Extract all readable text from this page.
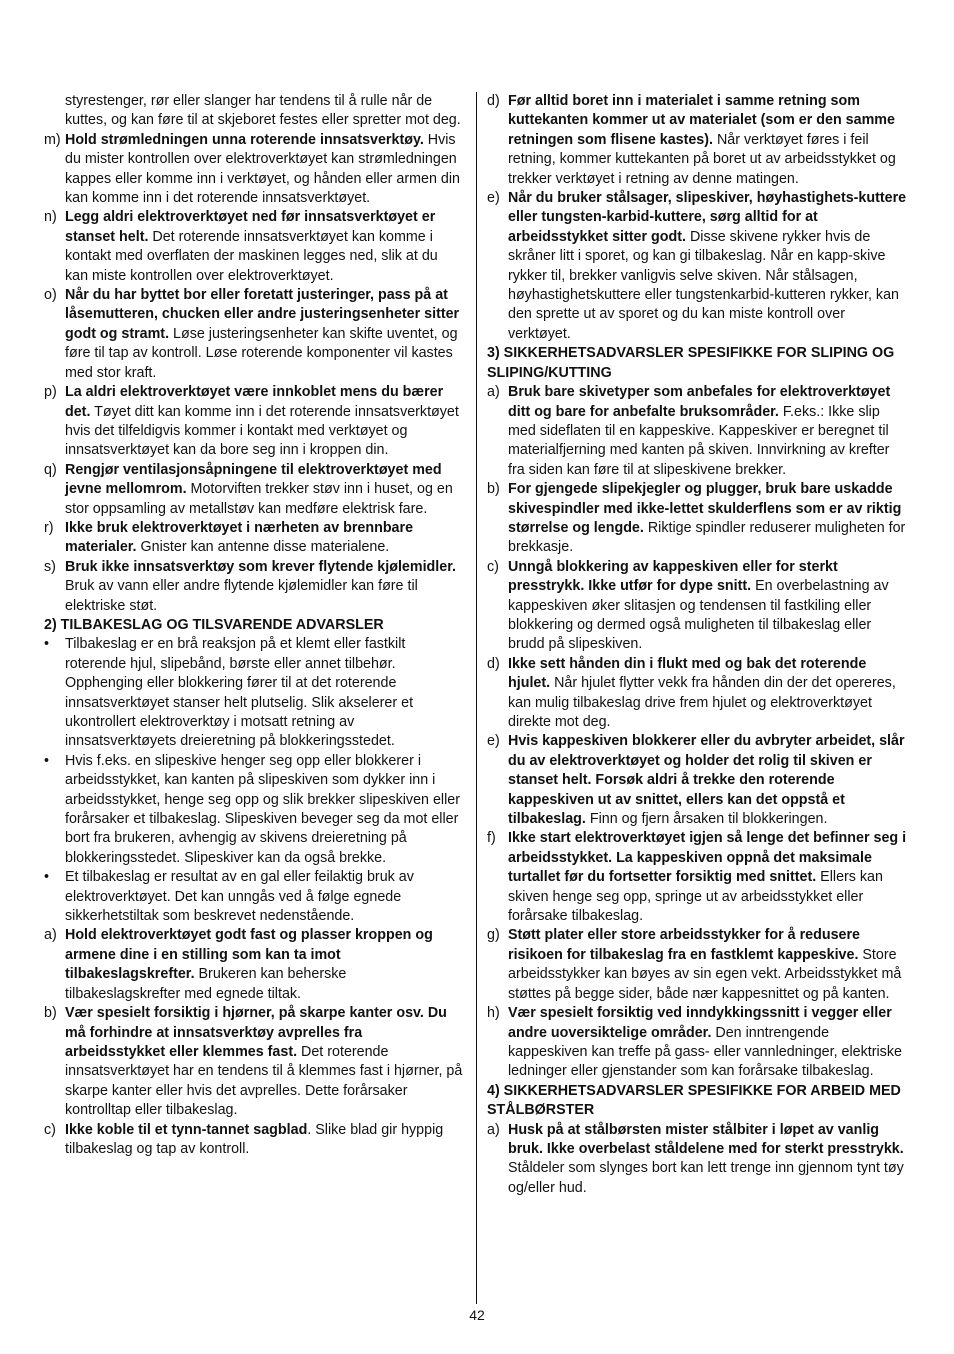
styrestenger, rør eller slanger har tendens til å rulle når de kuttes, og kan føre til at skjeboret festes eller spretter mot deg.
m) Hold strømledningen unna roterende innsatsverktøy. Hvis du mister kontrollen over elektroverktøyet kan strømledningen kappes eller komme inn i verktøyet, og hånden eller armen din kan komme inn i det roterende innsatsverktøyet.
n) Legg aldri elektroverktøyet ned før innsatsverktøyet er stanset helt. Det roterende innsatsverktøyet kan komme i kontakt med overflaten der maskinen legges ned, slik at du kan miste kontrollen over elektroverktøyet.
o) Når du har byttet bor eller foretatt justeringer, pass på at låsemutteren, chucken eller andre justeringsenheter sitter godt og stramt. Løse justeringsenheter kan skifte uventet, og føre til tap av kontroll. Løse roterende komponenter vil kastes med stor kraft.
p) La aldri elektroverktøyet være innkoblet mens du bærer det. Tøyet ditt kan komme inn i det roterende innsatsverktøyet hvis det tilfeldigvis kommer i kontakt med verktøyet og innsatsverktøyet kan da bore seg inn i kroppen din.
q) Rengjør ventilasjonsåpningene til elektroverktøyet med jevne mellomrom. Motorviften trekker støv inn i huset, og en stor oppsamling av metallstøv kan medføre elektrisk fare.
r) Ikke bruk elektroverktøyet i nærheten av brennbare materialer. Gnister kan antenne disse materialene.
s) Bruk ikke innsatsverktøy som krever flytende kjølemidler. Bruk av vann eller andre flytende kjølemidler kan føre til elektriske støt.
2) TILBAKESLAG OG TILSVARENDE ADVARSLER
• Tilbakeslag er en brå reaksjon på et klemt eller fastkilt roterende hjul, slipebånd, børste eller annet tilbehør. Opphenging eller blokkering fører til at det roterende innsatsverktøyet stanser helt plutselig. Slik akselerer et ukontrollert elektroverktøy i motsatt retning av innsatsverktøyets dreieretning på blokkeringsstedet.
• Hvis f.eks. en slipeskive henger seg opp eller blokkerer i arbeidsstykket, kan kanten på slipeskiven som dykker inn i arbeidsstykket, henge seg opp og slik brekker slipeskiven eller forårsaker et tilbakeslag. Slipeskiven beveger seg da mot eller bort fra brukeren, avhengig av skivens dreieretning på blokkeringsstedet. Slipeskiver kan da også brekke.
• Et tilbakeslag er resultat av en gal eller feilaktig bruk av elektroverktøyet. Det kan unngås ved å følge egnede sikkerhetstiltak som beskrevet nedenstående.
a) Hold elektroverktøyet godt fast og plasser kroppen og armene dine i en stilling som kan ta imot tilbakeslagskrefter. Brukeren kan beherske tilbakeslagskrefter med egnede tiltak.
b) Vær spesielt forsiktig i hjørner, på skarpe kanter osv. Du må forhindre at innsatsverktøy avprelles fra arbeidsstykket eller klemmes fast. Det roterende innsatsverktøyet har en tendens til å klemmes fast i hjørner, på skarpe kanter eller hvis det avprelles. Dette forårsaker kontrolltap eller tilbakeslag.
c) Ikke koble til et tynn-tannet sagblad. Slike blad gir hyppig tilbakeslag og tap av kontroll.
d) Før alltid boret inn i materialet i samme retning som kuttekanten kommer ut av materialet (som er den samme retningen som flisene kastes). Når verktøyet føres i feil retning, kommer kuttekanten på boret ut av arbeidsstykket og trekker verktøyet i retning av denne matingen.
e) Når du bruker stålsager, slipeskiver, høyhastighets-kuttere eller tungsten-karbid-kuttere, sørg alltid for at arbeidsstykket sitter godt. Disse skivene rykker hvis de skråner litt i sporet, og kan gi tilbakeslag. Når en kapp-skive rykker til, brekker vanligvis selve skiven. Når stålsagen, høyhastighetskuttere eller tungstenkarbid-kutteren rykker, kan den sprette ut av sporet og du kan miste kontroll over verktøyet.
3) SIKKERHETSADVARSLER SPESIFIKKE FOR SLIPING OG SLIPING/KUTTING
a) Bruk bare skivetyper som anbefales for elektroverktøyet ditt og bare for anbefalte bruksområder. F.eks.: Ikke slip med sideflaten til en kappeskive. Kappeskiver er beregnet til materialfjerning med kanten på skiven. Innvirkning av krefter fra siden kan føre til at slipeskivene brekker.
b) For gjengede slipekjegler og plugger, bruk bare uskadde skivespindler med ikke-lettet skulderflens som er av riktig størrelse og lengde. Riktige spindler reduserer muligheten for brekkasje.
c) Unngå blokkering av kappeskiven eller for sterkt presstrykk. Ikke utfør for dype snitt. En overbelastning av kappeskiven øker slitasjen og tendensen til fastkiling eller blokkering og dermed også muligheten til tilbakeslag eller brudd på slipeskiven.
d) Ikke sett hånden din i flukt med og bak det roterende hjulet. Når hjulet flytter vekk fra hånden din der det opereres, kan mulig tilbakeslag drive frem hjulet og elektroverktøyet direkte mot deg.
e) Hvis kappeskiven blokkerer eller du avbryter arbeidet, slår du av elektroverktøyet og holder det rolig til skiven er stanset helt. Forsøk aldri å trekke den roterende kappeskiven ut av snittet, ellers kan det oppstå et tilbakeslag. Finn og fjern årsaken til blokkeringen.
f) Ikke start elektroverktøyet igjen så lenge det befinner seg i arbeidsstykket. La kappeskiven oppnå det maksimale turtallet før du fortsetter forsiktig med snittet. Ellers kan skiven henge seg opp, springe ut av arbeidsstykket eller forårsake tilbakeslag.
g) Støtt plater eller store arbeidsstykker for å redusere risikoen for tilbakeslag fra en fastklemt kappeskive. Store arbeidsstykker kan bøyes av sin egen vekt. Arbeidsstykket må støttes på begge sider, både nær kappesnittet og på kanten.
h) Vær spesielt forsiktig ved inndykkingssnitt i vegger eller andre uoversiktelige områder. Den inntrengende kappeskiven kan treffe på gass- eller vannledninger, elektriske ledninger eller gjenstander som kan forårsake tilbakeslag.
4) SIKKERHETSADVARSLER SPESIFIKKE FOR ARBEID MED STÅLBØRSTER
a) Husk på at stålbørsten mister stålbiter i løpet av vanlig bruk. Ikke overbelast ståldelene med for sterkt presstrykk. Ståldeler som slynges bort kan lett trenge inn gjennom tynt tøy og/eller hud.
42
